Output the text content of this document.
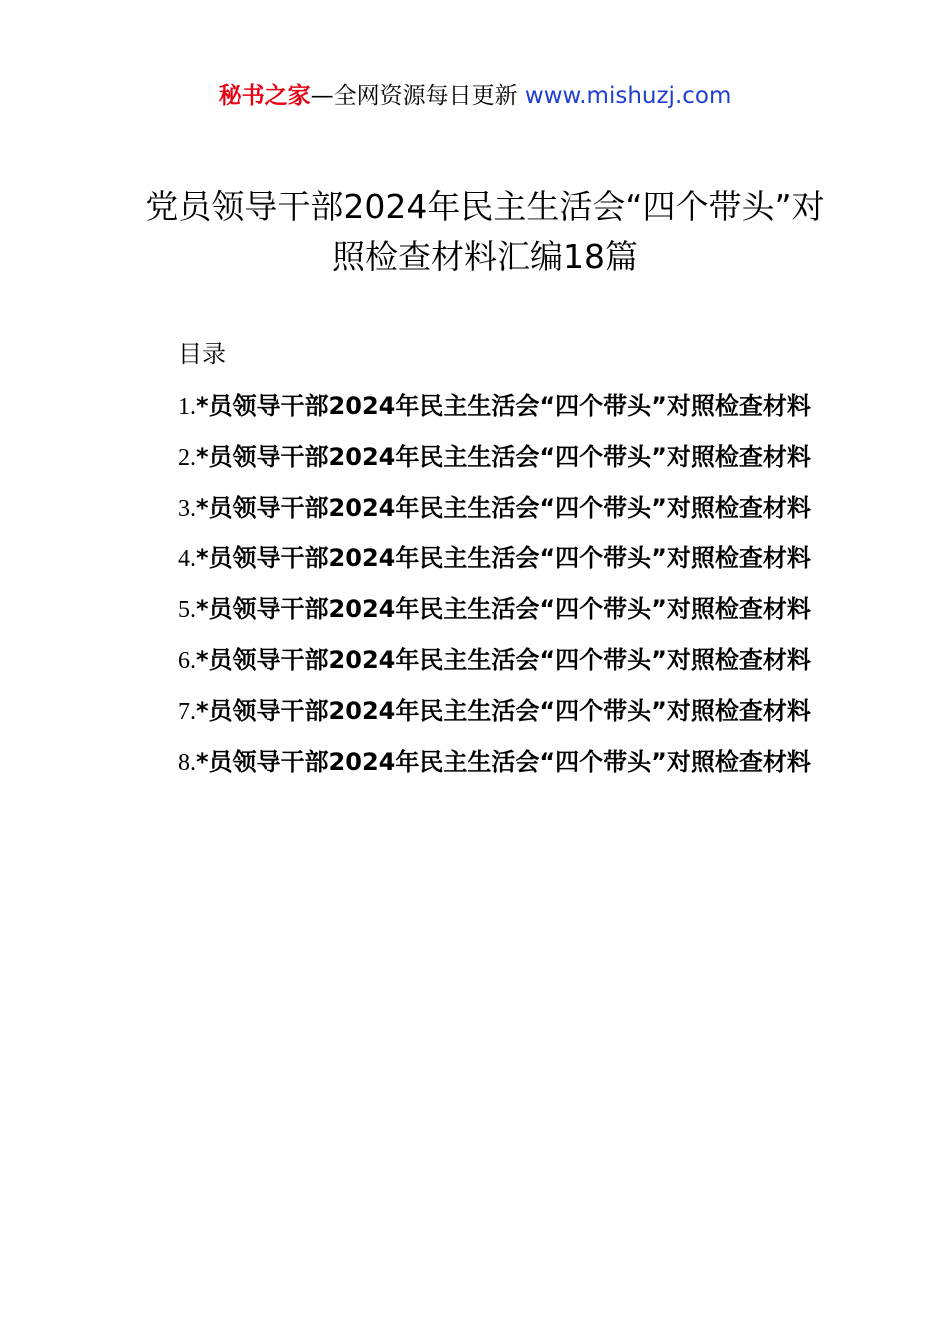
秘书之家—全网资源每日更新 www.mishuzj.com
党员领导干部2024年民主生活会“四个带头”对照检查材料汇编18篇
目录
1.*员领导干部2024年民主生活会“四个带头”对照检查材料
2.*员领导干部2024年民主生活会“四个带头”对照检查材料
3.*员领导干部2024年民主生活会“四个带头”对照检查材料
4.*员领导干部2024年民主生活会“四个带头”对照检查材料
5.*员领导干部2024年民主生活会“四个带头”对照检查材料
6.*员领导干部2024年民主生活会“四个带头”对照检查材料
7.*员领导干部2024年民主生活会“四个带头”对照检查材料
8.*员领导干部2024年民主生活会“四个带头”对照检查材料
